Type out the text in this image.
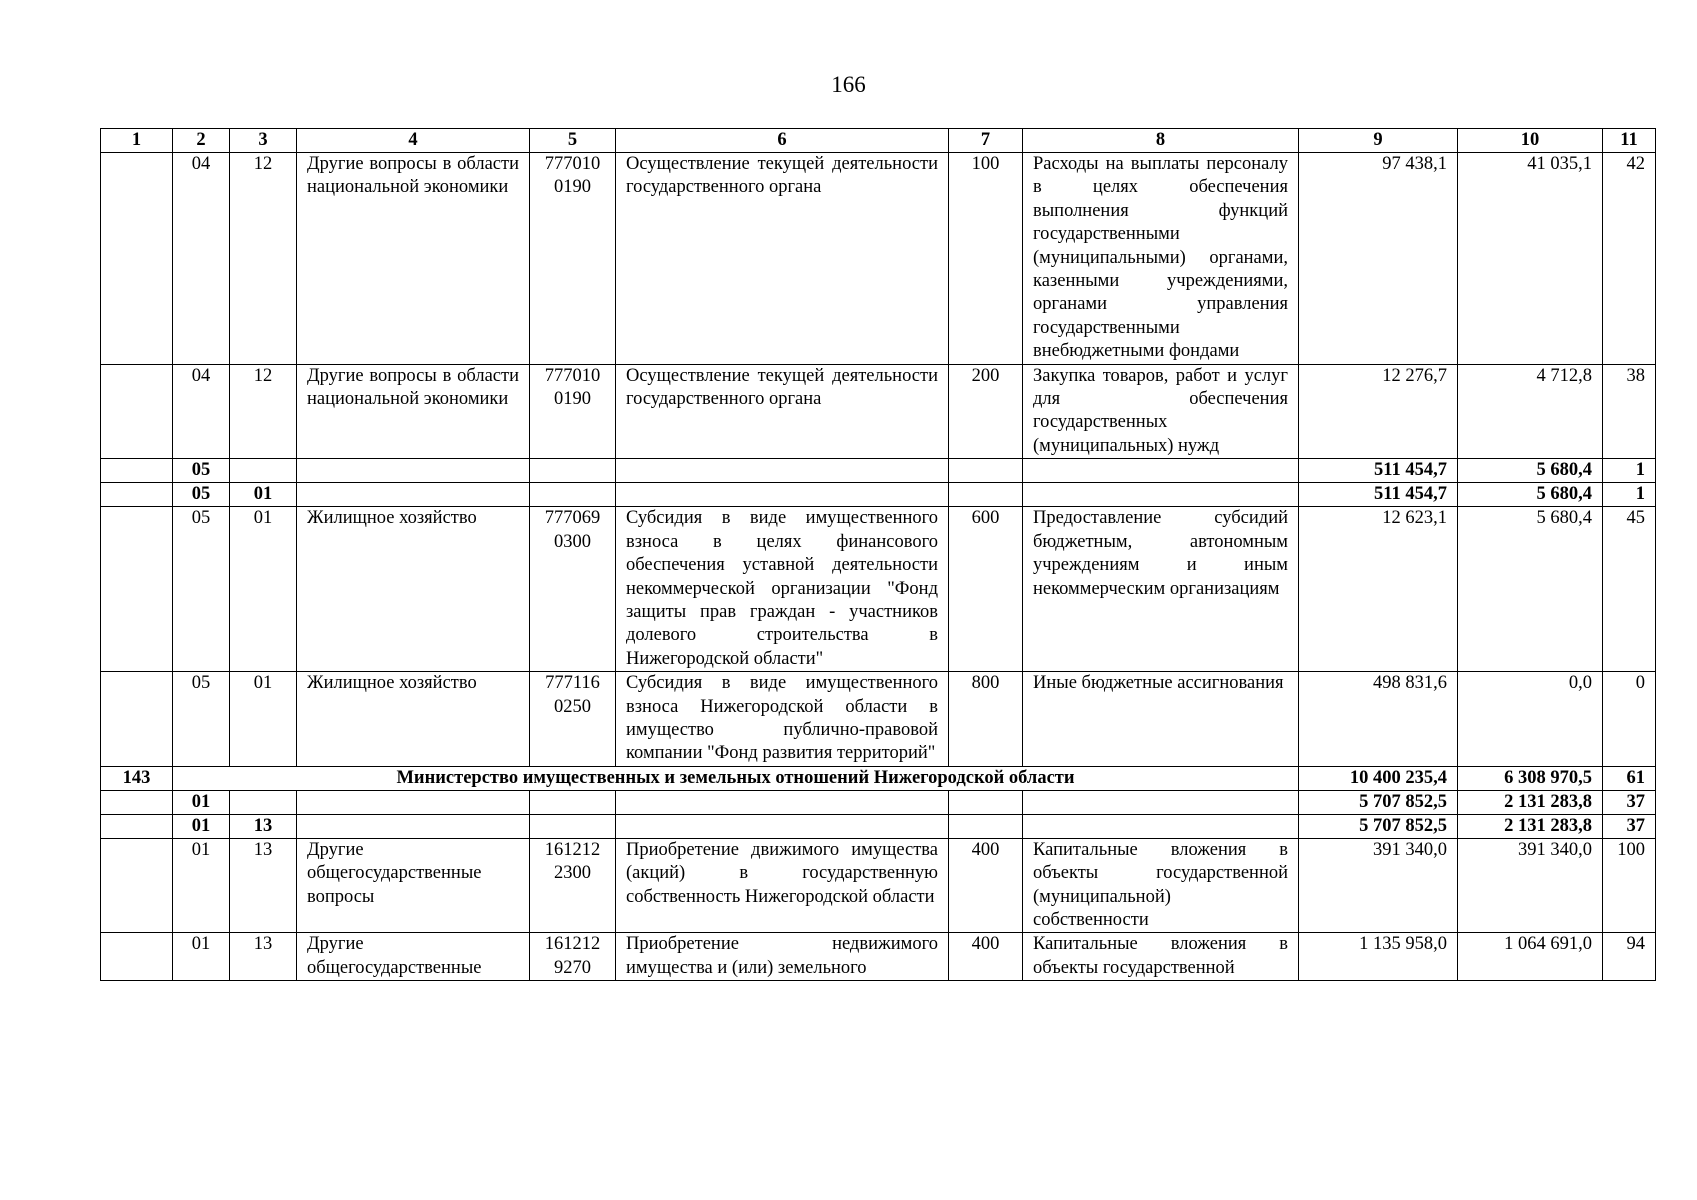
166
1	2	3	4	5	6	7	8	9	10	11
	04	12	Другие вопросы в области национальной экономики	777010 0190	Осуществление текущей деятельности государственного органа	100	Расходы на выплаты персоналу в целях обеспечения выполнения функций государственными (муниципальными) органами, казенными учреждениями, органами управления государственными внебюджетными фондами	97 438,1	41 035,1	42
	04	12	Другие вопросы в области национальной экономики	777010 0190	Осуществление текущей деятельности государственного органа	200	Закупка товаров, работ и услуг для обеспечения государственных (муниципальных) нужд	12 276,7	4 712,8	38
	05							511 454,7	5 680,4	1
	05	01						511 454,7	5 680,4	1
	05	01	Жилищное хозяйство	777069 0300	Субсидия в виде имущественного взноса в целях финансового обеспечения уставной деятельности некоммерческой организации "Фонд защиты прав граждан - участников долевого строительства в Нижегородской области"	600	Предоставление субсидий бюджетным, автономным учреждениям и иным некоммерческим организациям	12 623,1	5 680,4	45
	05	01	Жилищное хозяйство	777116 0250	Субсидия в виде имущественного взноса Нижегородской области в имущество публично-правовой компании "Фонд развития территорий"	800	Иные бюджетные ассигнования	498 831,6	0,0	0
143	Министерство имущественных и земельных отношений Нижегородской области							10 400 235,4	6 308 970,5	61
	01							5 707 852,5	2 131 283,8	37
	01	13						5 707 852,5	2 131 283,8	37
	01	13	Другие общегосударственные вопросы	161212 2300	Приобретение движимого имущества (акций) в государственную собственность Нижегородской области	400	Капитальные вложения в объекты государственной (муниципальной) собственности	391 340,0	391 340,0	100
	01	13	Другие общегосударственные	161212 9270	Приобретение недвижимого имущества и (или) земельного	400	Капитальные вложения в объекты государственной	1 135 958,0	1 064 691,0	94
